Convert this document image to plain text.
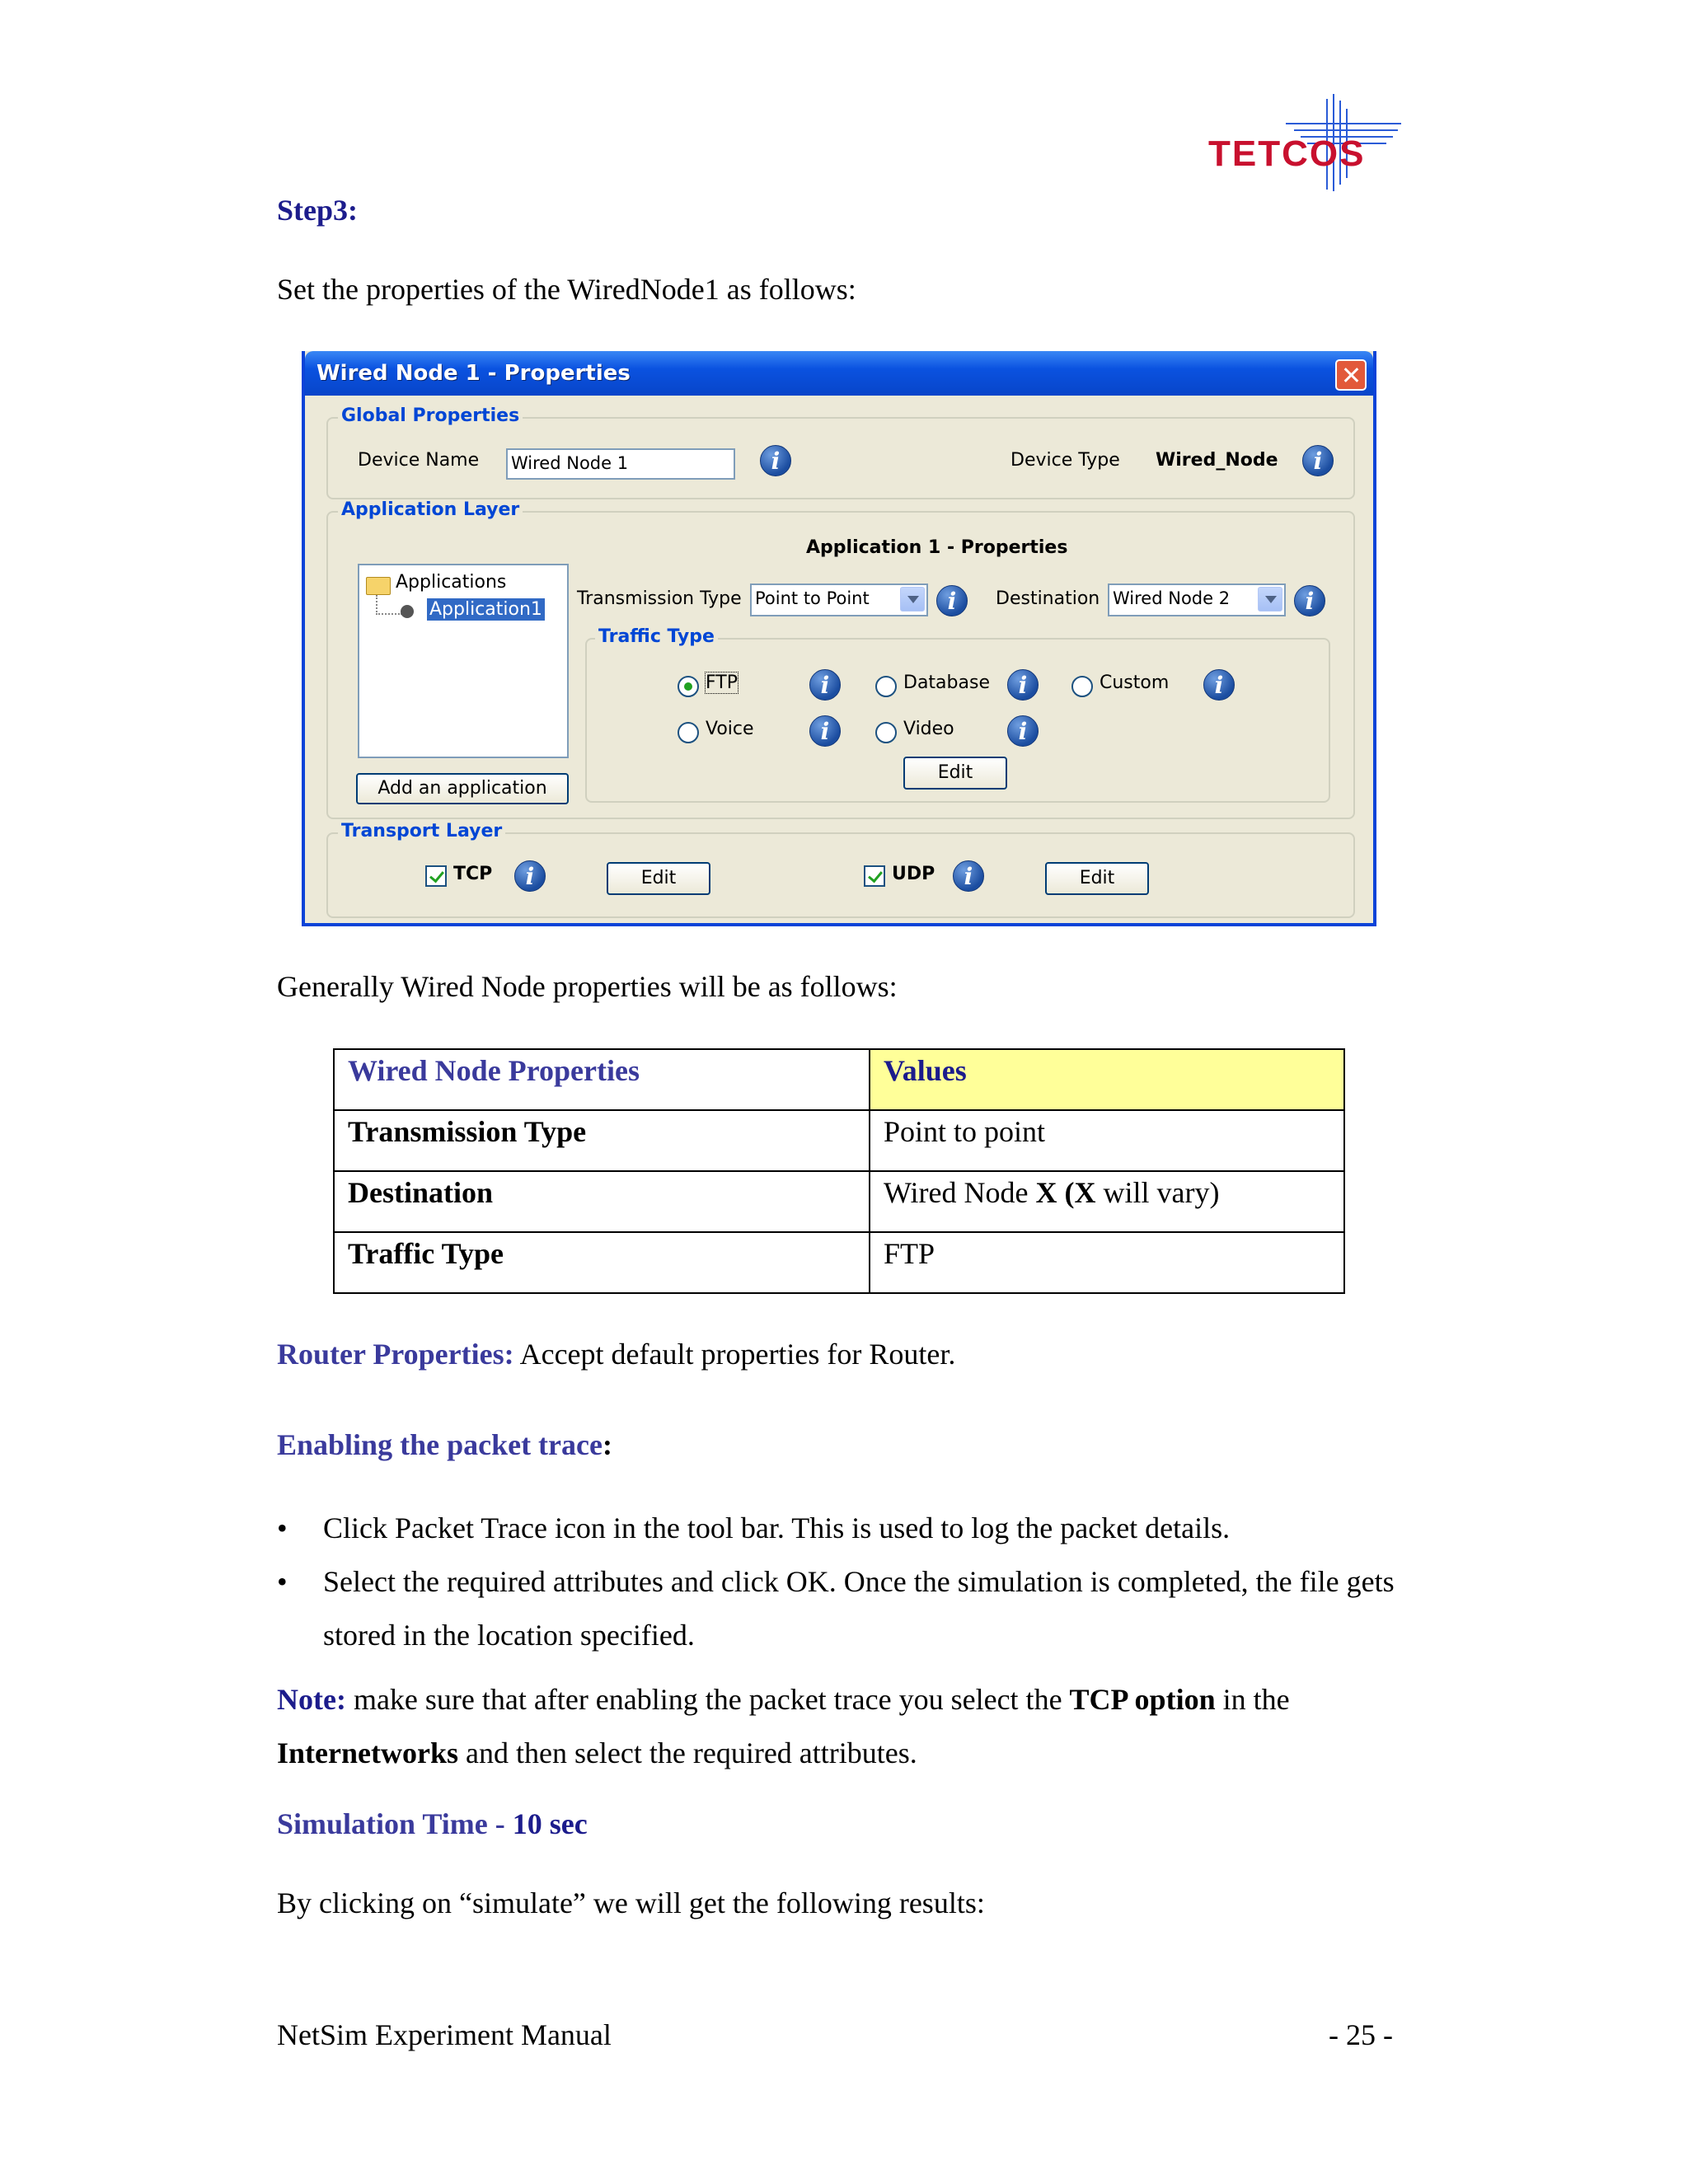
TETCOS
Step3:
Set the properties of the WiredNode1 as follows:
Wired Node 1 - Properties
Global Properties
Device Name Wired Node 1 i	Device Type Wired_Node
i
Application Layer
Applications
Application1
Add an application
Application 1 - Properties
Transmission Type Point to Point i	Destination Wired Node 2
i
Traffic Type
FTP i	Database i	Custom
i
Voice i	Video
i
Edit
Transport Layer
TCP i	Edit	UDP i	Edit
Generally Wired Node properties will be as follows:
Wired Node Properties	Values
Transmission Type	Point to point
Destination	Wired Node X (X will vary)
Traffic Type	FTP
Router Properties: Accept default properties for Router.
Enabling the packet trace:
• Click Packet Trace icon in the tool bar. This is used to log the packet details.
• Select the required attributes and click OK. Once the simulation is completed, the file gets stored in the location specified.
Note: make sure that after enabling the packet trace you select the TCP option in the
Internetworks and then select the required attributes.
Simulation Time - 10 sec
By clicking on “simulate” we will get the following results:
NetSim Experiment Manual	- 25 -
